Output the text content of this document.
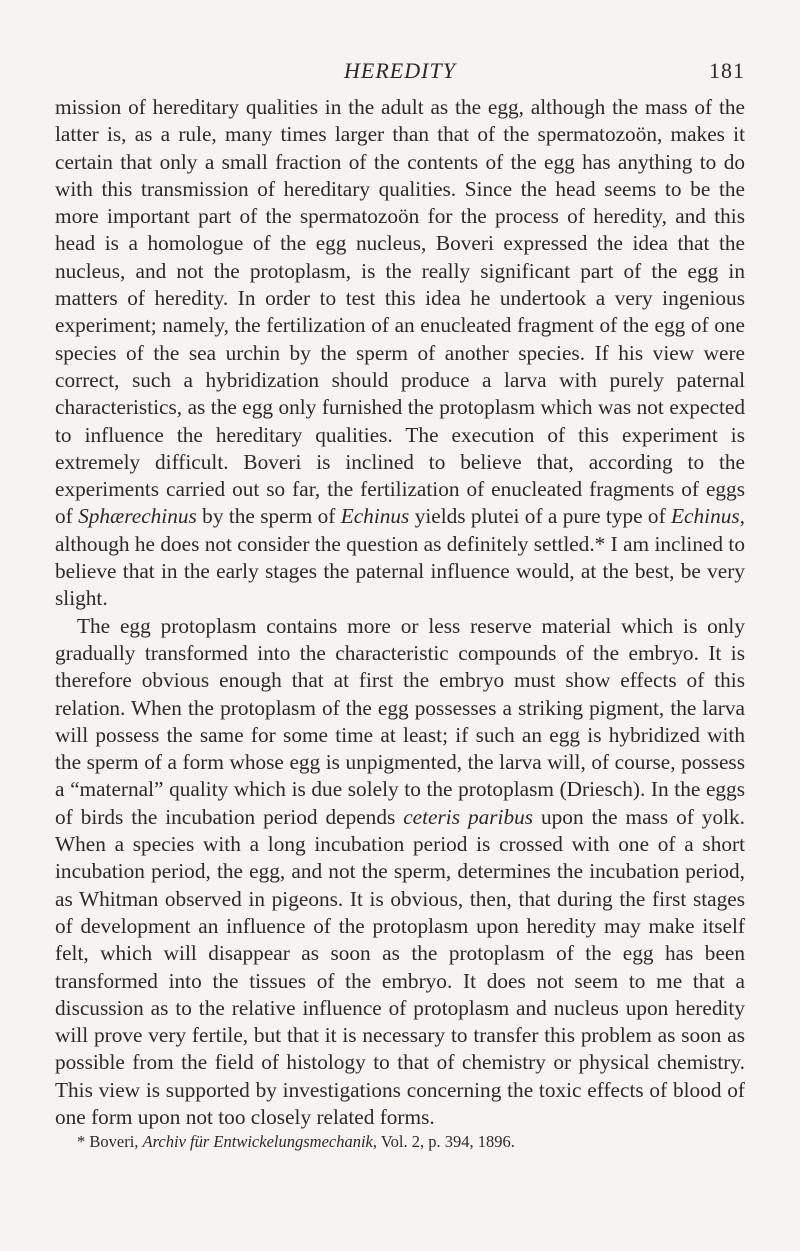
HEREDITY	181

mission of hereditary qualities in the adult as the egg, although the mass of the latter is, as a rule, many times larger than that of the spermatozoön, makes it certain that only a small fraction of the contents of the egg has anything to do with this transmission of hereditary qualities. Since the head seems to be the more important part of the spermatozoön for the process of heredity, and this head is a homologue of the egg nucleus, Boveri expressed the idea that the nucleus, and not the protoplasm, is the really significant part of the egg in matters of heredity. In order to test this idea he undertook a very ingenious experiment; namely, the fertilization of an enucleated fragment of the egg of one species of the sea urchin by the sperm of another species. If his view were correct, such a hybridization should produce a larva with purely paternal characteristics, as the egg only furnished the protoplasm which was not expected to influence the hereditary qualities. The execution of this experiment is extremely difficult. Boveri is inclined to believe that, according to the experiments carried out so far, the fertilization of enucleated fragments of eggs of Sphærechinus by the sperm of Echinus yields plutei of a pure type of Echinus, although he does not consider the question as definitely settled.* I am inclined to believe that in the early stages the paternal influence would, at the best, be very slight.

The egg protoplasm contains more or less reserve material which is only gradually transformed into the characteristic compounds of the embryo. It is therefore obvious enough that at first the embryo must show effects of this relation. When the protoplasm of the egg possesses a striking pigment, the larva will possess the same for some time at least; if such an egg is hybridized with the sperm of a form whose egg is unpigmented, the larva will, of course, possess a “maternal” quality which is due solely to the protoplasm (Driesch). In the eggs of birds the incubation period depends ceteris paribus upon the mass of yolk. When a species with a long incubation period is crossed with one of a short incubation period, the egg, and not the sperm, determines the incubation period, as Whitman observed in pigeons. It is obvious, then, that during the first stages of development an influence of the protoplasm upon heredity may make itself felt, which will disappear as soon as the protoplasm of the egg has been transformed into the tissues of the embryo. It does not seem to me that a discussion as to the relative influence of protoplasm and nucleus upon heredity will prove very fertile, but that it is necessary to transfer this problem as soon as possible from the field of histology to that of chemistry or physical chemistry. This view is supported by investigations concerning the toxic effects of blood of one form upon not too closely related forms.

* Boveri, Archiv für Entwickelungsmechanik, Vol. 2, p. 394, 1896.
